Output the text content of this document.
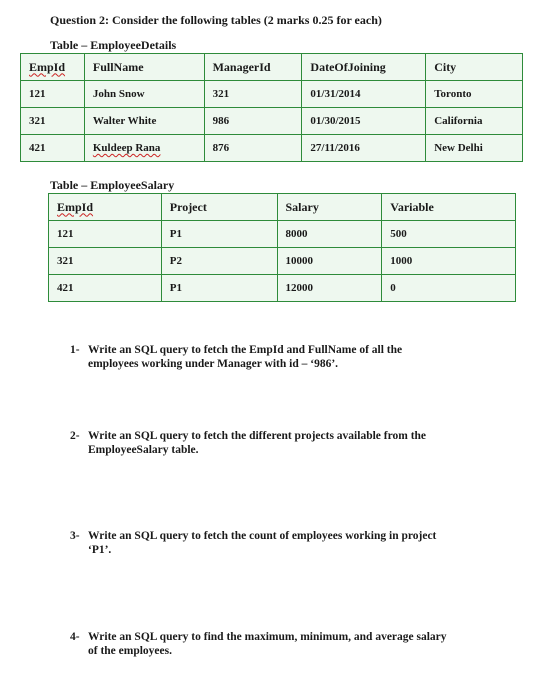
Question 2: Consider the following tables (2 marks 0.25 for each)
Table – EmployeeDetails
EmpId	FullName	ManagerId	DateOfJoining	City
121	John Snow	321	01/31/2014	Toronto
321	Walter White	986	01/30/2015	California
421	Kuldeep Rana	876	27/11/2016	New Delhi
Table – EmployeeSalary
EmpId	Project	Salary	Variable
121	P1	8000	500
321	P2	10000	1000
421	P1	12000	0
1- Write an SQL query to fetch the EmpId and FullName of all the
employees working under Manager with id – ‘986’.
2- Write an SQL query to fetch the different projects available from the
EmployeeSalary table.
3- Write an SQL query to fetch the count of employees working in project
‘P1’.
4- Write an SQL query to find the maximum, minimum, and average salary
of the employees.
